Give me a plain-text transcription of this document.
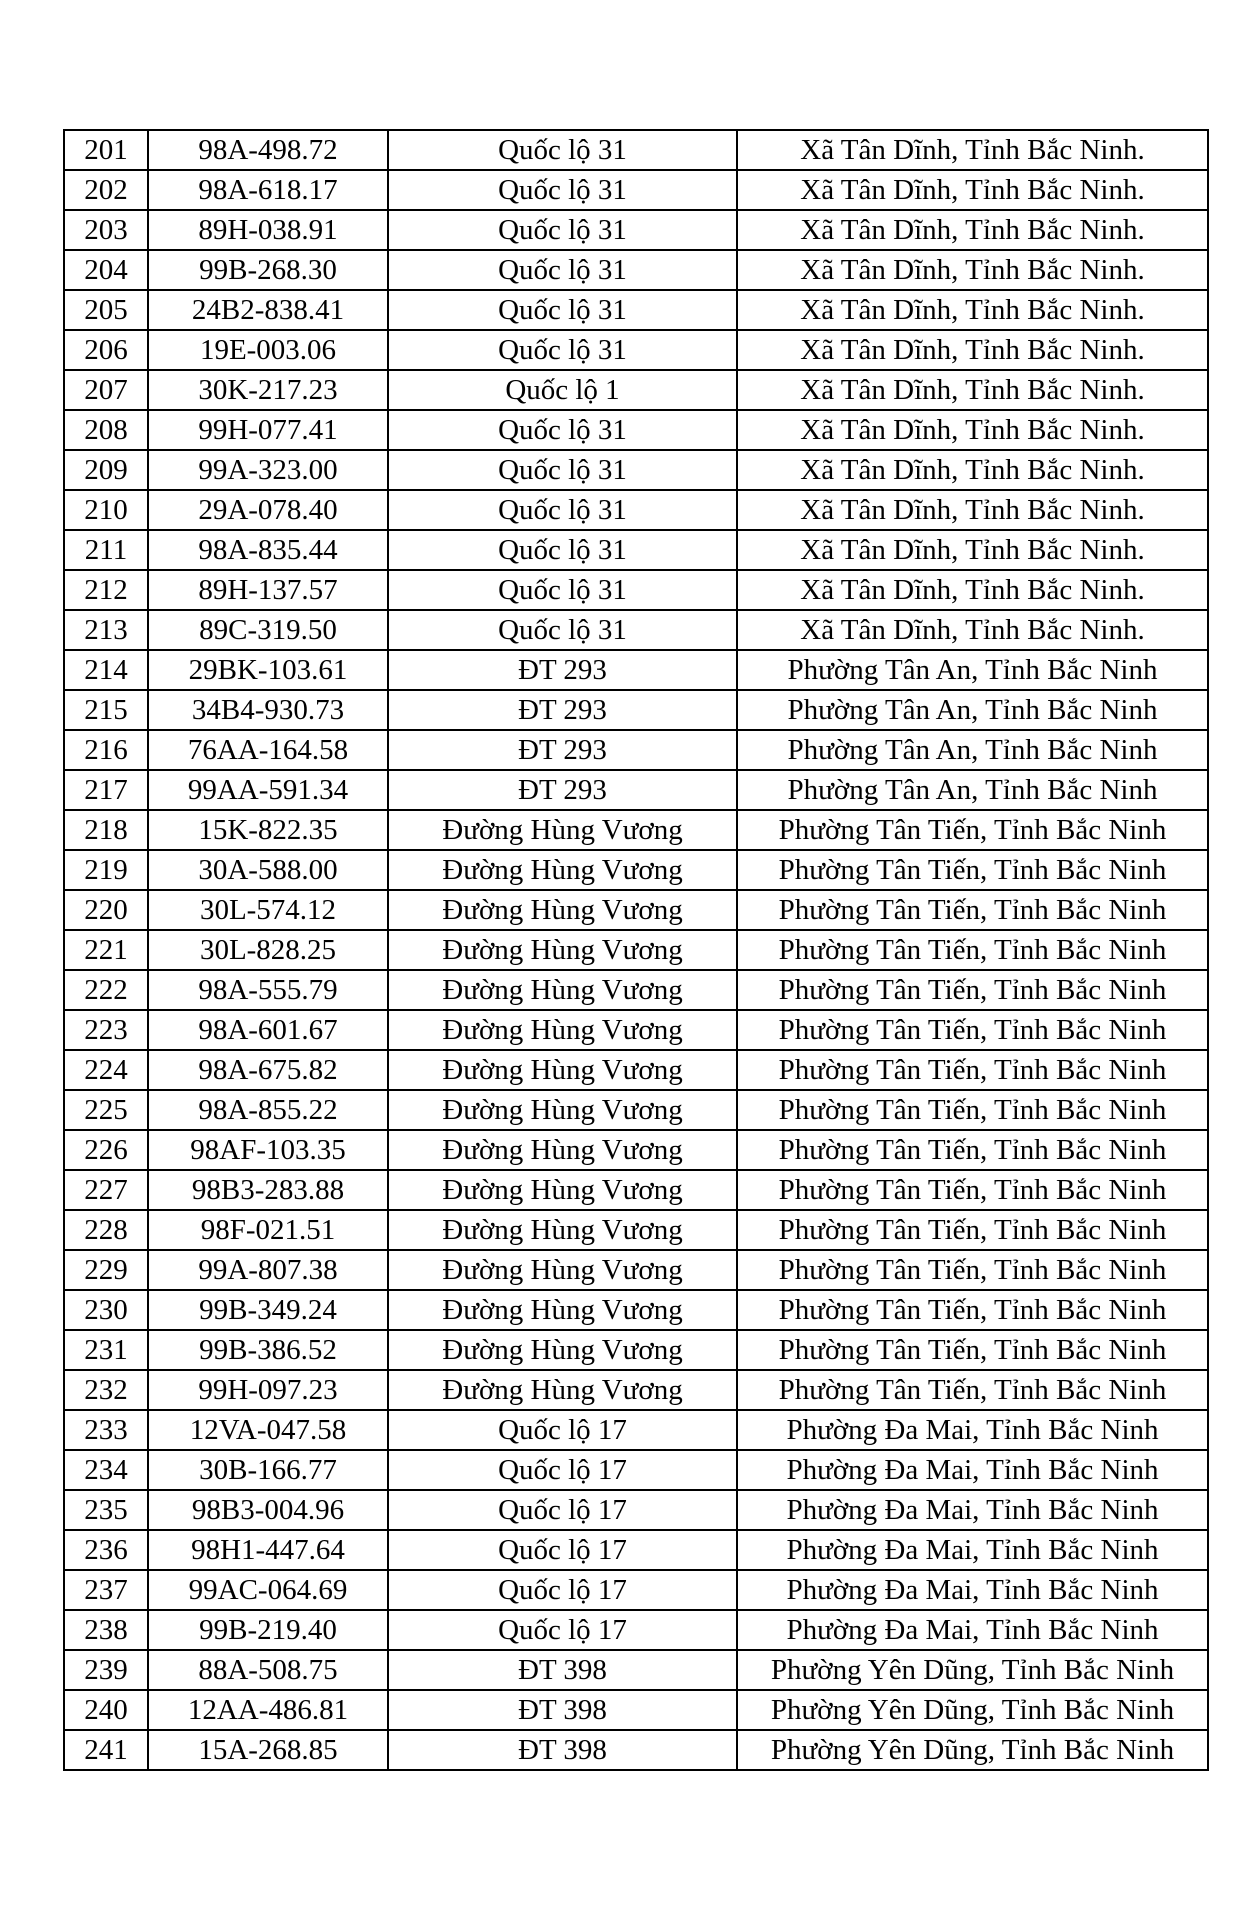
201	98A-498.72	Quốc lộ 31	Xã Tân Dĩnh, Tỉnh Bắc Ninh.
202	98A-618.17	Quốc lộ 31	Xã Tân Dĩnh, Tỉnh Bắc Ninh.
203	89H-038.91	Quốc lộ 31	Xã Tân Dĩnh, Tỉnh Bắc Ninh.
204	99B-268.30	Quốc lộ 31	Xã Tân Dĩnh, Tỉnh Bắc Ninh.
205	24B2-838.41	Quốc lộ 31	Xã Tân Dĩnh, Tỉnh Bắc Ninh.
206	19E-003.06	Quốc lộ 31	Xã Tân Dĩnh, Tỉnh Bắc Ninh.
207	30K-217.23	Quốc lộ 1	Xã Tân Dĩnh, Tỉnh Bắc Ninh.
208	99H-077.41	Quốc lộ 31	Xã Tân Dĩnh, Tỉnh Bắc Ninh.
209	99A-323.00	Quốc lộ 31	Xã Tân Dĩnh, Tỉnh Bắc Ninh.
210	29A-078.40	Quốc lộ 31	Xã Tân Dĩnh, Tỉnh Bắc Ninh.
211	98A-835.44	Quốc lộ 31	Xã Tân Dĩnh, Tỉnh Bắc Ninh.
212	89H-137.57	Quốc lộ 31	Xã Tân Dĩnh, Tỉnh Bắc Ninh.
213	89C-319.50	Quốc lộ 31	Xã Tân Dĩnh, Tỉnh Bắc Ninh.
214	29BK-103.61	ĐT 293	Phường Tân An, Tỉnh Bắc Ninh
215	34B4-930.73	ĐT 293	Phường Tân An, Tỉnh Bắc Ninh
216	76AA-164.58	ĐT 293	Phường Tân An, Tỉnh Bắc Ninh
217	99AA-591.34	ĐT 293	Phường Tân An, Tỉnh Bắc Ninh
218	15K-822.35	Đường Hùng Vương	Phường Tân Tiến, Tỉnh Bắc Ninh
219	30A-588.00	Đường Hùng Vương	Phường Tân Tiến, Tỉnh Bắc Ninh
220	30L-574.12	Đường Hùng Vương	Phường Tân Tiến, Tỉnh Bắc Ninh
221	30L-828.25	Đường Hùng Vương	Phường Tân Tiến, Tỉnh Bắc Ninh
222	98A-555.79	Đường Hùng Vương	Phường Tân Tiến, Tỉnh Bắc Ninh
223	98A-601.67	Đường Hùng Vương	Phường Tân Tiến, Tỉnh Bắc Ninh
224	98A-675.82	Đường Hùng Vương	Phường Tân Tiến, Tỉnh Bắc Ninh
225	98A-855.22	Đường Hùng Vương	Phường Tân Tiến, Tỉnh Bắc Ninh
226	98AF-103.35	Đường Hùng Vương	Phường Tân Tiến, Tỉnh Bắc Ninh
227	98B3-283.88	Đường Hùng Vương	Phường Tân Tiến, Tỉnh Bắc Ninh
228	98F-021.51	Đường Hùng Vương	Phường Tân Tiến, Tỉnh Bắc Ninh
229	99A-807.38	Đường Hùng Vương	Phường Tân Tiến, Tỉnh Bắc Ninh
230	99B-349.24	Đường Hùng Vương	Phường Tân Tiến, Tỉnh Bắc Ninh
231	99B-386.52	Đường Hùng Vương	Phường Tân Tiến, Tỉnh Bắc Ninh
232	99H-097.23	Đường Hùng Vương	Phường Tân Tiến, Tỉnh Bắc Ninh
233	12VA-047.58	Quốc lộ 17	Phường Đa Mai, Tỉnh Bắc Ninh
234	30B-166.77	Quốc lộ 17	Phường Đa Mai, Tỉnh Bắc Ninh
235	98B3-004.96	Quốc lộ 17	Phường Đa Mai, Tỉnh Bắc Ninh
236	98H1-447.64	Quốc lộ 17	Phường Đa Mai, Tỉnh Bắc Ninh
237	99AC-064.69	Quốc lộ 17	Phường Đa Mai, Tỉnh Bắc Ninh
238	99B-219.40	Quốc lộ 17	Phường Đa Mai, Tỉnh Bắc Ninh
239	88A-508.75	ĐT 398	Phường Yên Dũng, Tỉnh Bắc Ninh
240	12AA-486.81	ĐT 398	Phường Yên Dũng, Tỉnh Bắc Ninh
241	15A-268.85	ĐT 398	Phường Yên Dũng, Tỉnh Bắc Ninh
